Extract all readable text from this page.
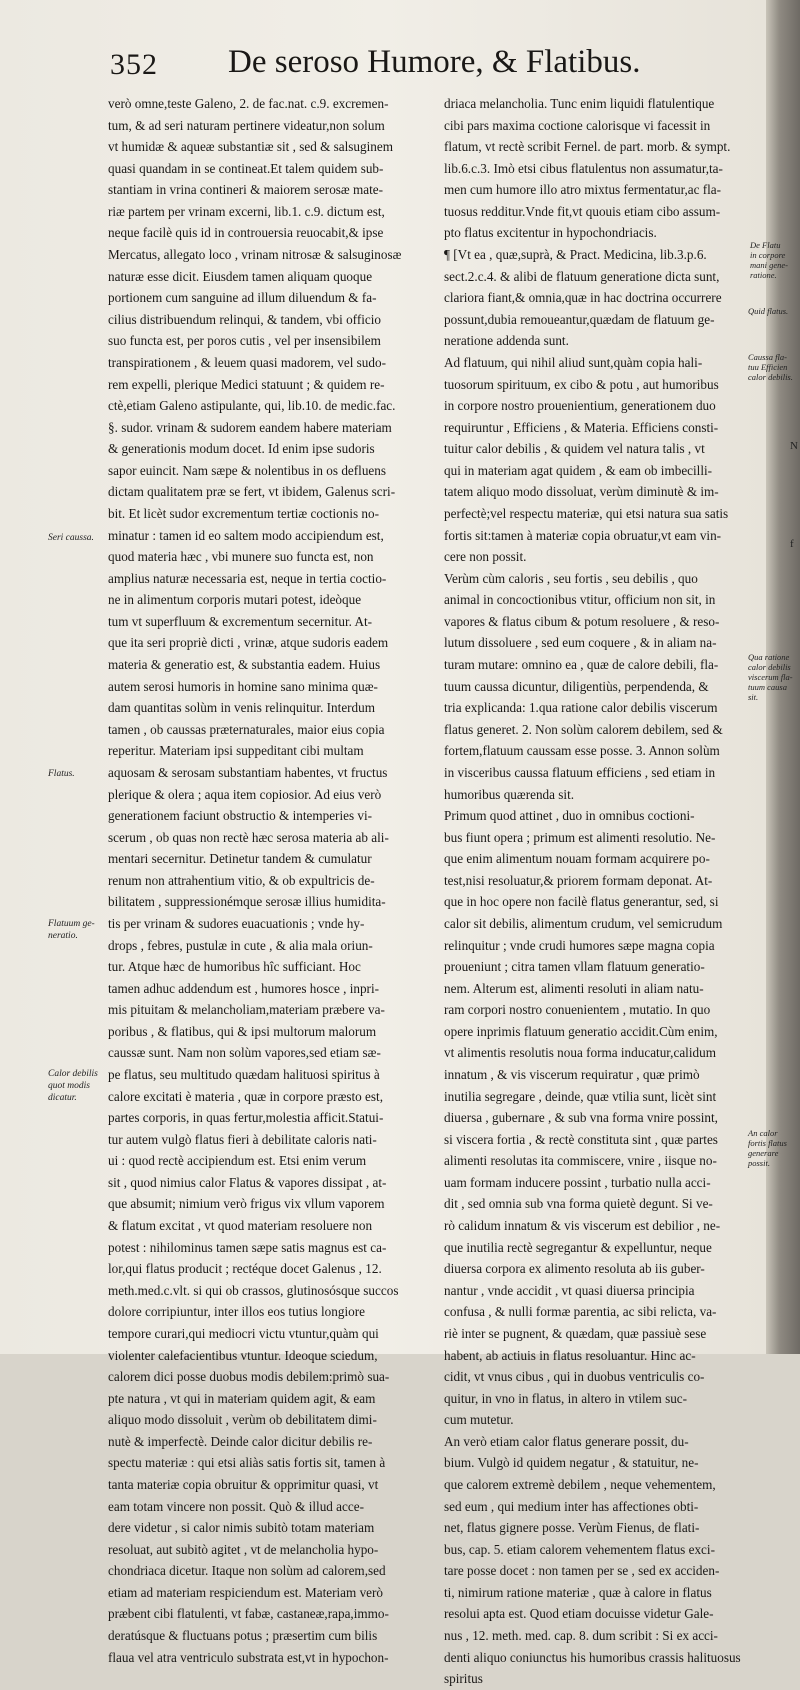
N
f
352 De seroso Humore, & Flatibus.
verò omne,teste Galeno, 2. de fac.nat. c.9. excremen-
tum, & ad seri naturam pertinere videatur,non solum
vt humidæ & aqueæ substantiæ sit , sed & salsuginem
quasi quandam in se contineat.Et talem quidem sub-
stantiam in vrina contineri & maiorem serosæ mate-
riæ partem per vrinam excerni, lib.1. c.9. dictum est,
neque facilè quis id in controuersia reuocabit,& ipse
Mercatus, allegato loco , vrinam nitrosæ & salsuginosæ
naturæ esse dicit. Eiusdem tamen aliquam quoque
portionem cum sanguine ad illum diluendum & fa-
cilius distribuendum relinqui, & tandem, vbi officio
suo functa est, per poros cutis , vel per insensibilem
transpirationem , & leuem quasi madorem, vel sudo-
rem expelli, plerique Medici statuunt ; & quidem re-
ctè,etiam Galeno astipulante, qui, lib.10. de medic.fac.
§. sudor. vrinam & sudorem eandem habere materiam
& generationis modum docet. Id enim ipse sudoris
sapor euincit. Nam sæpe & nolentibus in os defluens
dictam qualitatem præ se fert, vt ibidem, Galenus scri-
bit. Et licèt sudor excrementum tertiæ coctionis no-
minatur : tamen id eo saltem modo accipiendum est,
quod materia hæc , vbi munere suo functa est, non
amplius naturæ necessaria est, neque in tertia coctio-
ne in alimentum corporis mutari potest, ideòque
tum vt superfluum & excrementum secernitur. At-
que ita seri propriè dicti , vrinæ, atque sudoris eadem
materia & generatio est, & substantia eadem. Huius
autem serosi humoris in homine sano minima quæ-
dam quantitas solùm in venis relinquitur. Interdum
tamen , ob caussas præternaturales, maior eius copia
reperitur. Materiam ipsi suppeditant cibi multam
aquosam & serosam substantiam habentes, vt fructus
plerique & olera ; aqua item copiosior. Ad eius verò
generationem faciunt obstructio & intemperies vi-
scerum , ob quas non rectè hæc serosa materia ab ali-
mentari secernitur. Detinetur tandem & cumulatur
renum non attrahentium vitio, & ob expultricis de-
bilitatem , suppressionémque serosæ illius humidita-
tis per vrinam & sudores euacuationis ; vnde hy-
drops , febres, pustulæ in cute , & alia mala oriun-
tur. Atque hæc de humoribus hîc sufficiant. Hoc
tamen adhuc addendum est , humores hosce , inpri-
mis pituitam & melancholiam,materiam præbere va-
poribus , & flatibus, qui & ipsi multorum malorum
caussæ sunt. Nam non solùm vapores,sed etiam sæ-
pe flatus, seu multitudo quædam halituosi spiritus à
calore excitati è materia , quæ in corpore præsto est,
partes corporis, in quas fertur,molestia afficit.Statui-
tur autem vulgò flatus fieri à debilitate caloris nati-
ui : quod rectè accipiendum est. Etsi enim verum
sit , quod nimius calor Flatus & vapores dissipat , at-
que absumit; nimium verò frigus vix vllum vaporem
& flatum excitat , vt quod materiam resoluere non
potest : nihilominus tamen sæpe satis magnus est ca-
lor,qui flatus producit ; rectéque docet Galenus , 12.
meth.med.c.vlt. si qui ob crassos, glutinosósque succos
dolore corripiuntur, inter illos eos tutius longiore
tempore curari,qui mediocri victu vtuntur,quàm qui
violenter calefacientibus vtuntur. Ideoque sciedum,
calorem dici posse duobus modis debilem:primò sua-
pte natura , vt qui in materiam quidem agit, & eam
aliquo modo dissoluit , verùm ob debilitatem dimi-
nutè & imperfectè. Deinde calor dicitur debilis re-
spectu materiæ : qui etsi aliàs satis fortis sit, tamen à
tanta materiæ copia obruitur & opprimitur quasi, vt
eam totam vincere non possit. Quò & illud acce-
dere videtur , si calor nimis subitò totam materiam
resoluat, aut subitò agitet , vt de melancholia hypo-
chondriaca dicetur. Itaque non solùm ad calorem,sed
etiam ad materiam respiciendum est. Materiam verò
præbent cibi flatulenti, vt fabæ, castaneæ,rapa,immo-
deratúsque & fluctuans potus ; præsertim cum bilis
flaua vel atra ventriculo substrata est,vt in hypochon-
driaca melancholia. Tunc enim liquidi flatulentique
cibi pars maxima coctione calorisque vi facessit in
flatum, vt rectè scribit Fernel. de part. morb. & sympt.
lib.6.c.3. Imò etsi cibus flatulentus non assumatur,ta-
men cum humore illo atro mixtus fermentatur,ac fla-
tuosus redditur.Vnde fit,vt quouis etiam cibo assum-
pto flatus excitentur in hypochondriacis.
¶ [Vt ea , quæ,suprà, & Pract. Medicina, lib.3.p.6.
sect.2.c.4. & alibi de flatuum generatione dicta sunt,
clariora fiant,& omnia,quæ in hac doctrina occurrere
possunt,dubia remoueantur,quædam de flatuum ge-
neratione addenda sunt.
Ad flatuum, qui nihil aliud sunt,quàm copia hali-
tuosorum spirituum, ex cibo & potu , aut humoribus
in corpore nostro prouenientium, generationem duo
requiruntur , Efficiens , & Materia. Efficiens consti-
tuitur calor debilis , & quidem vel natura talis , vt
qui in materiam agat quidem , & eam ob imbecilli-
tatem aliquo modo dissoluat, verùm diminutè & im-
perfectè;vel respectu materiæ, qui etsi natura sua satis
fortis sit:tamen à materiæ copia obruatur,vt eam vin-
cere non possit.
Verùm cùm caloris , seu fortis , seu debilis , quo
animal in concoctionibus vtitur, officium non sit, in
vapores & flatus cibum & potum resoluere , & reso-
lutum dissoluere , sed eum coquere , & in aliam na-
turam mutare: omnino ea , quæ de calore debili, fla-
tuum caussa dicuntur, diligentiùs, perpendenda, &
tria explicanda: 1.qua ratione calor debilis viscerum
flatus generet. 2. Non solùm calorem debilem, sed &
fortem,flatuum caussam esse posse. 3. Annon solùm
in visceribus caussa flatuum efficiens , sed etiam in
humoribus quærenda sit.
Primum quod attinet , duo in omnibus coctioni-
bus fiunt opera ; primum est alimenti resolutio. Ne-
que enim alimentum nouam formam acquirere po-
test,nisi resoluatur,& priorem formam deponat. At-
que in hoc opere non facilè flatus generantur, sed, si
calor sit debilis, alimentum crudum, vel semicrudum
relinquitur ; vnde crudi humores sæpe magna copia
proueniunt ; citra tamen vllam flatuum generatio-
nem. Alterum est, alimenti resoluti in aliam natu-
ram corpori nostro conuenientem , mutatio. In quo
opere inprimis flatuum generatio accidit.Cùm enim,
vt alimentis resolutis noua forma inducatur,calidum
innatum , & vis viscerum requiratur , quæ primò
inutilia segregare , deinde, quæ vtilia sunt, licèt sint
diuersa , gubernare , & sub vna forma vnire possint,
si viscera fortia , & rectè constituta sint , quæ partes
alimenti resolutas ita commiscere, vnire , iisque no-
uam formam inducere possint , turbatio nulla acci-
dit , sed omnia sub vna forma quietè degunt. Si ve-
rò calidum innatum & vis viscerum est debilior , ne-
que inutilia rectè segregantur & expelluntur, neque
diuersa corpora ex alimento resoluta ab iis guber-
nantur , vnde accidit , vt quasi diuersa principia
confusa , & nulli formæ parentia, ac sibi relicta, va-
riè inter se pugnent, & quædam, quæ passiuè sese
habent, ab actiuis in flatus resoluantur. Hinc ac-
cidit, vt vnus cibus , qui in duobus ventriculis co-
quitur, in vno in flatus, in altero in vtilem suc-
cum mutetur.
An verò etiam calor flatus generare possit, du-
bium. Vulgò id quidem negatur , & statuitur, ne-
que calorem extremè debilem , neque vehementem,
sed eum , qui medium inter has affectiones obti-
net, flatus gignere posse. Verùm Fienus, de flati-
bus, cap. 5. etiam calorem vehementem flatus exci-
tare posse docet : non tamen per se , sed ex acciden-
ti, nimirum ratione materiæ , quæ à calore in flatus
resolui apta est. Quod etiam docuisse videtur Gale-
nus , 12. meth. med. cap. 8. dum scribit : Si ex acci-
denti aliquo coniunctus his humoribus crassis halituosus
spiritus
Seri caussa.
Flatus.
Flatuum ge-
neratio.
Calor debilis
quot modis
dicatur.
De Flatu
in corpore
mani gene-
ratione.
Quid flatus.
Caussa fla-
tuu Efficien
calor debilis.
Qua ratione
calor debilis
viscerum fla-
tuum causa
sit.
An calor
fortis flatus
generare possit.
